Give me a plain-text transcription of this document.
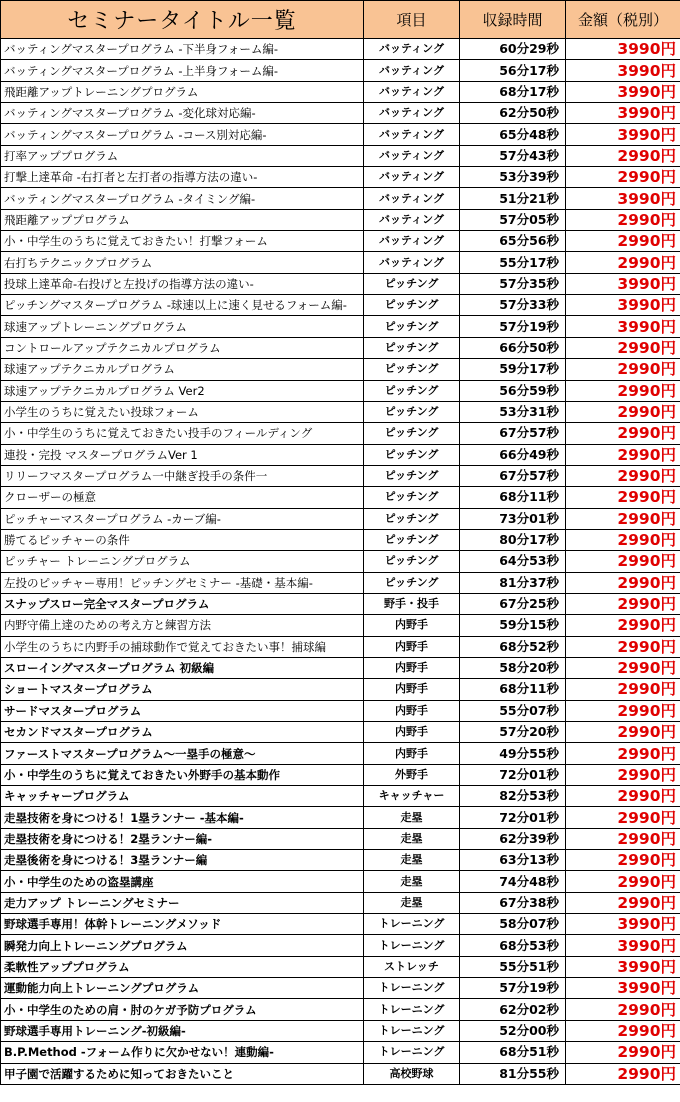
セミナータイトル一覧	項目	収録時間	金額（税別）
バッティングマスタープログラム -下半身フォーム編-	バッティング	60分29秒	3990円
バッティングマスタープログラム -上半身フォーム編-	バッティング	56分17秒	3990円
飛距離アップトレーニングプログラム	バッティング	68分17秒	3990円
バッティングマスタープログラム -変化球対応編-	バッティング	62分50秒	3990円
バッティングマスタープログラム -コース別対応編-	バッティング	65分48秒	3990円
打率アッププログラム	バッティング	57分43秒	2990円
打撃上達革命 -右打者と左打者の指導方法の違い-	バッティング	53分39秒	2990円
バッティングマスタープログラム -タイミング編-	バッティング	51分21秒	3990円
飛距離アッププログラム	バッティング	57分05秒	2990円
小・中学生のうちに覚えておきたい！打撃フォーム	バッティング	65分56秒	2990円
右打ちテクニックプログラム	バッティング	55分17秒	2990円
投球上達革命-右投げと左投げの指導方法の違い-	ピッチング	57分35秒	3990円
ピッチングマスタープログラム -球速以上に速く見せるフォーム編-	ピッチング	57分33秒	3990円
球速アップトレーニングプログラム	ピッチング	57分19秒	3990円
コントロールアップテクニカルプログラム	ピッチング	66分50秒	2990円
球速アップテクニカルプログラム	ピッチング	59分17秒	2990円
球速アップテクニカルプログラム Ver2	ピッチング	56分59秒	2990円
小学生のうちに覚えたい投球フォーム	ピッチング	53分31秒	2990円
小・中学生のうちに覚えておきたい投手のフィールディング	ピッチング	67分57秒	2990円
連投・完投 マスタープログラムVer 1	ピッチング	66分49秒	2990円
リリーフマスタープログラム一中継ぎ投手の条件一	ピッチング	67分57秒	2990円
クローザーの極意	ピッチング	68分11秒	2990円
ピッチャーマスタープログラム -カーブ編-	ピッチング	73分01秒	2990円
勝てるピッチャーの条件	ピッチング	80分17秒	2990円
ピッチャー トレーニングプログラム	ピッチング	64分53秒	2990円
左投のピッチャー専用！ピッチングセミナー -基礎・基本編-	ピッチング	81分37秒	2990円
スナップスロー完全マスタープログラム	野手・投手	67分25秒	2990円
内野守備上達のための考え方と練習方法	内野手	59分15秒	2990円
小学生のうちに内野手の捕球動作で覚えておきたい事！捕球編	内野手	68分52秒	2990円
スローイングマスタープログラム 初級編	内野手	58分20秒	2990円
ショートマスタープログラム	内野手	68分11秒	2990円
サードマスタープログラム	内野手	55分07秒	2990円
セカンドマスタープログラム	内野手	57分20秒	2990円
ファーストマスタープログラム～一塁手の極意～	内野手	49分55秒	2990円
小・中学生のうちに覚えておきたい外野手の基本動作	外野手	72分01秒	2990円
キャッチャープログラム	キャッチャー	82分53秒	2990円
走塁技術を身につける！1塁ランナー -基本編-	走塁	72分01秒	2990円
走塁技術を身につける！2塁ランナー編-	走塁	62分39秒	2990円
走塁後術を身につける！3塁ランナー編	走塁	63分13秒	2990円
小・中学生のための盗塁講座	走塁	74分48秒	2990円
走力アップ トレーニングセミナー	走塁	67分38秒	2990円
野球選手専用！体幹トレーニングメソッド	トレーニング	58分07秒	3990円
瞬発力向上トレーニングプログラム	トレーニング	68分53秒	3990円
柔軟性アッププログラム	ストレッチ	55分51秒	3990円
運動能力向上トレーニングプログラム	トレーニング	57分19秒	3990円
小・中学生のための肩・肘のケガ予防プログラム	トレーニング	62分02秒	2990円
野球選手専用トレーニング-初級編-	トレーニング	52分00秒	2990円
B.P.Method -フォーム作りに欠かせない！連動編-	トレーニング	68分51秒	2990円
甲子園で活躍するために知っておきたいこと	高校野球	81分55秒	2990円
